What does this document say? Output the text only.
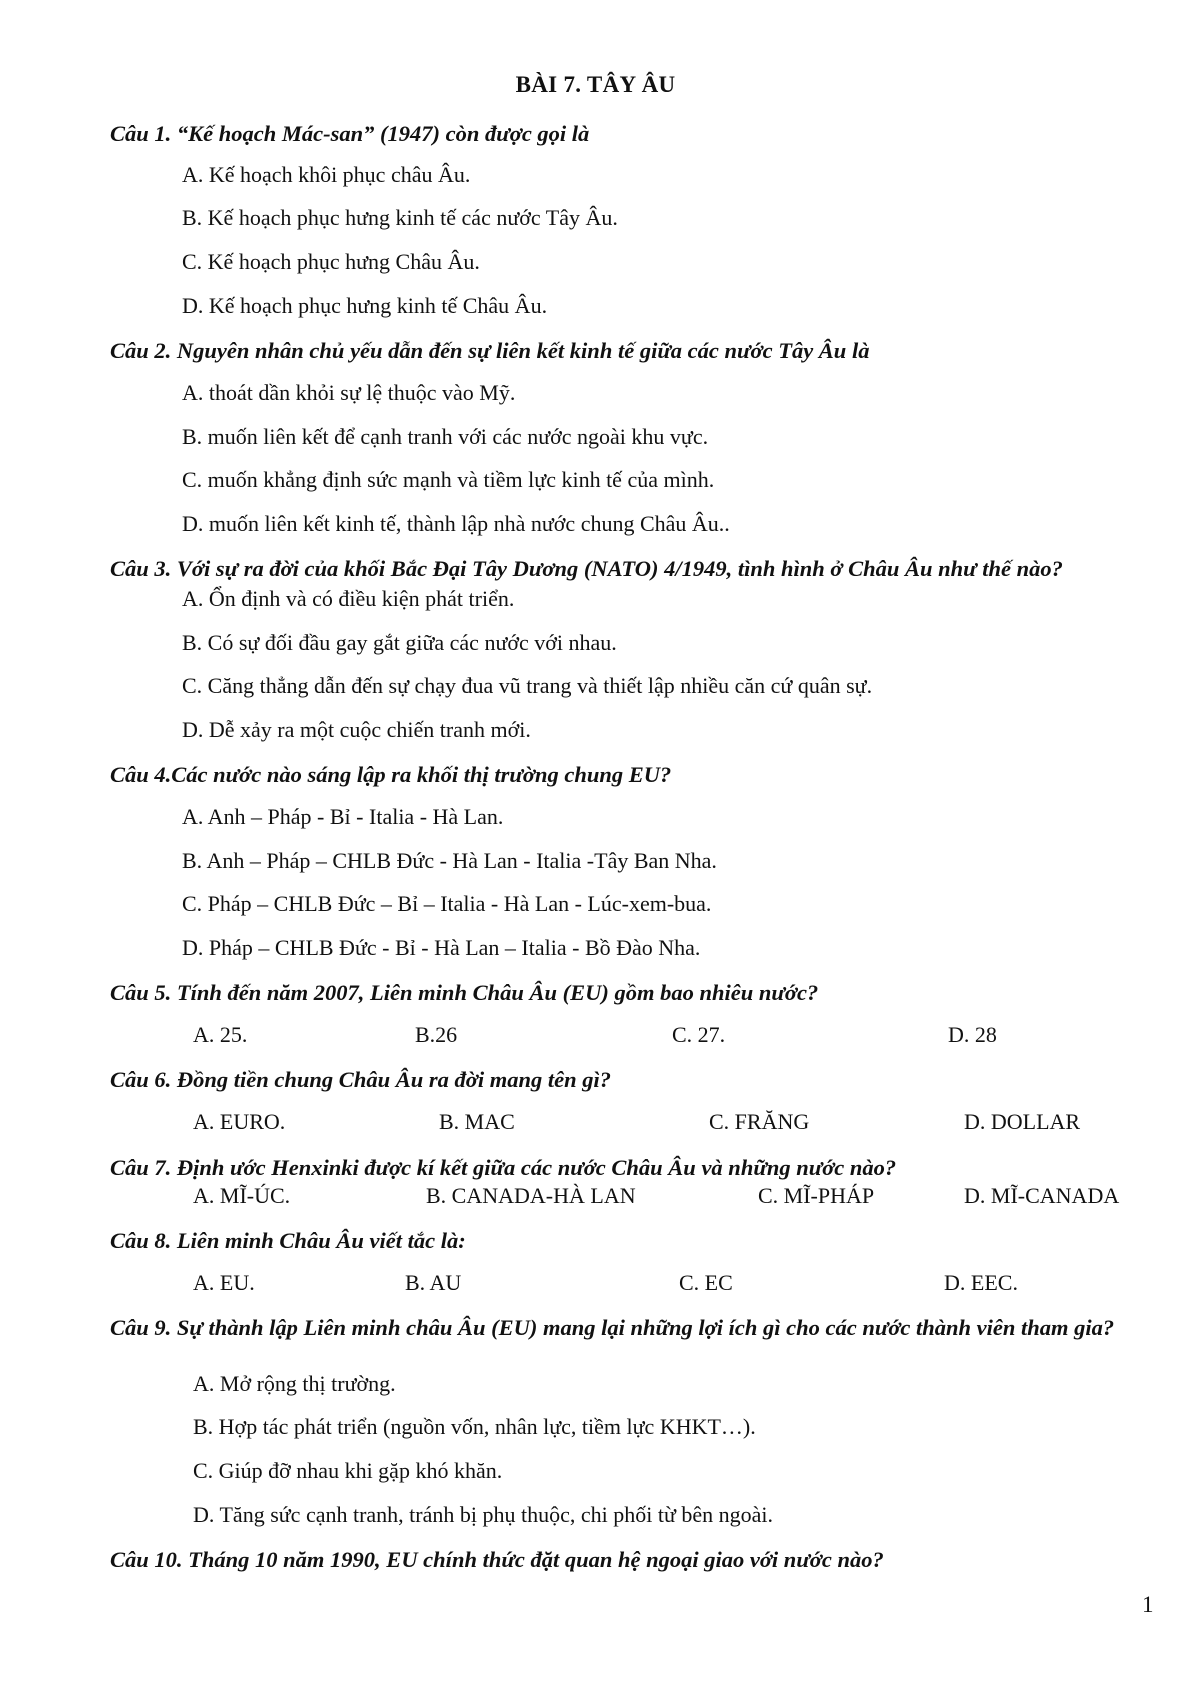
BÀI 7. TÂY ÂU
Câu 1. “Kế hoạch Mác-san” (1947) còn được gọi là
A. Kế hoạch khôi phục châu Âu.
B. Kế hoạch phục hưng kinh tế các nước Tây Âu.
C. Kế hoạch phục hưng Châu Âu.
D. Kế hoạch phục hưng kinh tế Châu Âu.
Câu 2. Nguyên nhân chủ yếu dẫn đến sự liên kết kinh tế giữa các nước Tây Âu là
A. thoát dần khỏi sự lệ thuộc vào Mỹ.
B. muốn liên kết để cạnh tranh với các nước ngoài khu vực.
C. muốn khẳng định sức mạnh và tiềm lực kinh tế của mình.
D. muốn liên kết kinh tế, thành lập nhà nước chung Châu Âu..
Câu 3. Với sự ra đời của khối Bắc Đại Tây Dương (NATO) 4/1949, tình hình ở Châu Âu như thế nào?
A. Ổn định và có điều kiện phát triển.
B. Có sự đối đầu gay gắt giữa các nước với nhau.
C. Căng thẳng dẫn đến sự chạy đua vũ trang và thiết lập nhiều căn cứ quân sự.
D. Dễ xảy ra một cuộc chiến tranh mới.
Câu 4.Các nước nào sáng lập ra khối thị trường chung EU?
A. Anh – Pháp - Bỉ - Italia - Hà Lan.
B. Anh – Pháp – CHLB Đức - Hà Lan - Italia -Tây Ban Nha.
C. Pháp – CHLB Đức – Bỉ – Italia - Hà Lan - Lúc-xem-bua.
D. Pháp – CHLB Đức - Bỉ - Hà Lan – Italia - Bồ Đào Nha.
Câu 5. Tính đến năm 2007, Liên minh Châu Âu (EU) gồm bao nhiêu nước?
A. 25.	B.26	C. 27.	D. 28
Câu 6. Đồng tiền chung Châu Âu ra đời mang tên gì?
A. EURO.	B. MAC	C. FRĂNG	D. DOLLAR
Câu 7. Định ước Henxinki được kí kết giữa các nước Châu Âu và những nước nào?
A. MĨ-ÚC.	B. CANADA-HÀ LAN	C. MĨ-PHÁP	D. MĨ-CANADA
Câu 8. Liên minh Châu Âu viết tắc là:
A. EU.	B. AU	C. EC	D. EEC.
Câu 9. Sự thành lập Liên minh châu Âu (EU) mang lại những lợi ích gì cho các nước thành viên tham gia?
A. Mở rộng thị trường.
B. Hợp tác phát triển (nguồn vốn, nhân lực, tiềm lực KHKT…).
C. Giúp đỡ nhau khi gặp khó khăn.
D. Tăng sức cạnh tranh, tránh bị phụ thuộc, chi phối từ bên ngoài.
Câu 10. Tháng 10 năm 1990, EU chính thức đặt quan hệ ngoại giao với nước nào?
1
